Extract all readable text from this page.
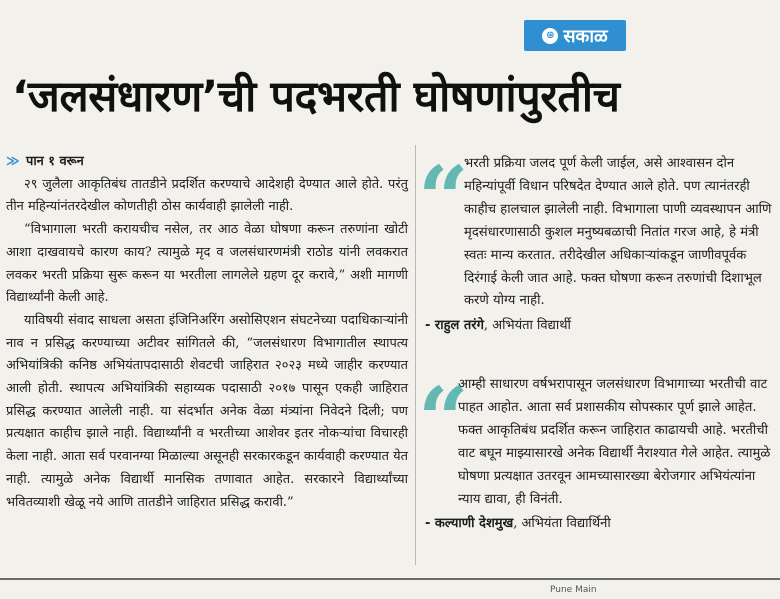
⊛ सकाळ
‘जलसंधारण’ची पदभरती घोषणांपुरतीच
≫ पान १ वरून

२९ जुलैला आकृतिबंध तातडीने प्रदर्शित करण्याचे आदेशही देण्यात आले होते. परंतु तीन महिन्यांनंतरदेखील कोणतीही ठोस कार्यवाही झालेली नाही.

“विभागाला भरती करायचीच नसेल, तर आठ वेळा घोषणा करून तरुणांना खोटी आशा दाखवायचे कारण काय? त्यामुळे मृद व जलसंधारणमंत्री राठोड यांनी लवकरात लवकर भरती प्रक्रिया सुरू करून या भरतीला लागलेले ग्रहण दूर करावे,” अशी मागणी विद्यार्थ्यांनी केली आहे.

याविषयी संवाद साधला असता इंजिनिअरिंग असोसिएशन संघटनेच्या पदाधिकाऱ्यांनी नाव न प्रसिद्ध करण्याच्या अटीवर सांगितले की, “जलसंधारण विभागातील स्थापत्य अभियांत्रिकी कनिष्ठ अभियंतापदासाठी शेवटची जाहिरात २०२३ मध्ये जाहीर करण्यात आली होती. स्थापत्य अभियांत्रिकी सहाय्यक पदासाठी २०१७ पासून एकही जाहिरात प्रसिद्ध करण्यात आलेली नाही. या संदर्भात अनेक वेळा मंत्र्यांना निवेदने दिली; पण प्रत्यक्षात काहीच झाले नाही. विद्यार्थ्यांनी व भरतीच्या आशेवर इतर नोकऱ्यांचा विचारही केला नाही. आता सर्व परवानग्या मिळाल्या असूनही सरकारकडून कार्यवाही करण्यात येत नाही. त्यामुळे अनेक विद्यार्थी मानसिक तणावात आहेत. सरकारने विद्यार्थ्यांच्या भवितव्याशी खेळू नये आणि तातडीने जाहिरात प्रसिद्ध करावी.”

“

भरती प्रक्रिया जलद पूर्ण केली जाईल, असे आश्वासन दोन महिन्यांपूर्वी विधान परिषदेत देण्यात आले होते. पण त्यानंतरही काहीच हालचाल झालेली नाही. विभागाला पाणी व्यवस्थापन आणि मृदसंधारणासाठी कुशल मनुष्यबळाची नितांत गरज आहे, हे मंत्री स्वतः मान्य करतात. तरीदेखील अधिकाऱ्यांकडून जाणीवपूर्वक दिरंगाई केली जात आहे. फक्त घोषणा करून तरुणांची दिशाभूल करणे योग्य नाही.

- राहुल तरंगे, अभियंता विद्यार्थी
“

आम्ही साधारण वर्षभरापासून जलसंधारण विभागाच्या भरतीची वाट पाहत आहोत. आता सर्व प्रशासकीय सोपस्कार पूर्ण झाले आहेत. फक्त आकृतिबंध प्रदर्शित करून जाहिरात काढायची आहे. भरतीची वाट बघून माझ्यासारखे अनेक विद्यार्थी नैराश्यात गेले आहेत. त्यामुळे घोषणा प्रत्यक्षात उतरवून आमच्यासारख्या बेरोजगार अभियंत्यांना न्याय द्यावा, ही विनंती.

- कल्याणी देशमुख, अभियंता विद्यार्थिनी
Pune Main
